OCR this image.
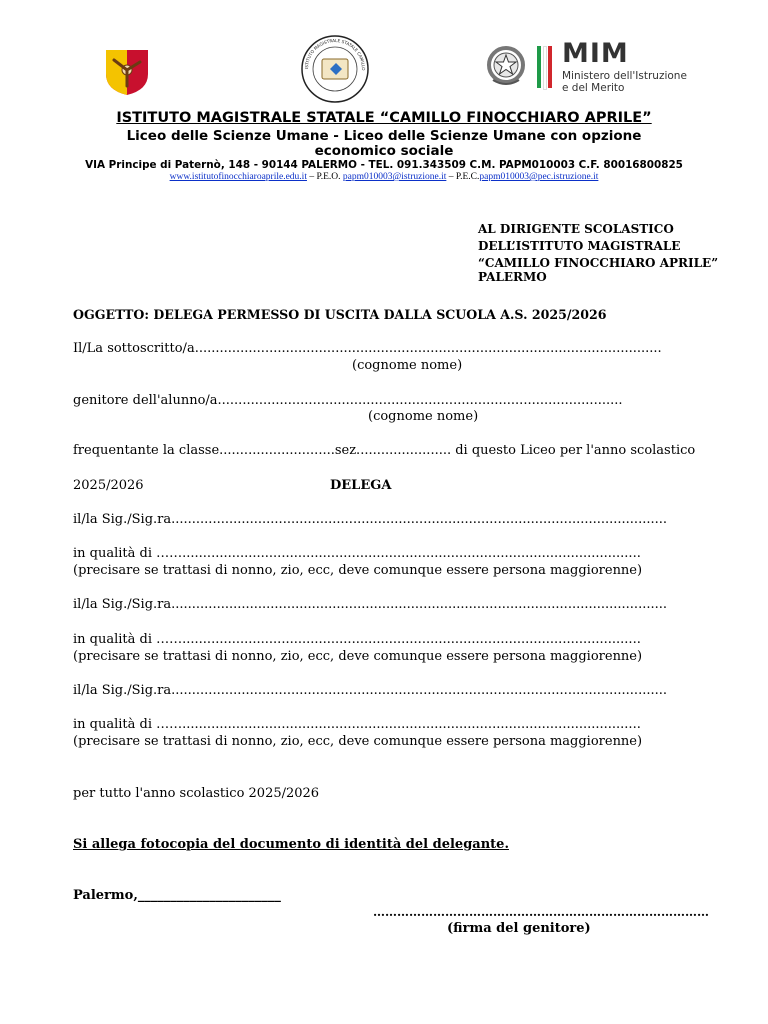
ISTITUTO MAGISTRALE STATALE CAMILLO	MIM
Ministero dell'Istruzione
e del Merito
ISTITUTO MAGISTRALE STATALE “CAMILLO FINOCCHIARO APRILE”
Liceo delle Scienze Umane - Liceo delle Scienze Umane con opzione
economico sociale
VIA Principe di Paternò, 148 - 90144 PALERMO - TEL. 091.343509 C.M. PAPM010003 C.F. 80016800825
www.istitutofinocchiaroaprile.edu.it – P.E.O. papm010003@istruzione.it – P.E.C.papm010003@pec.istruzione.it
AL DIRIGENTE SCOLASTICO
DELL’ISTITUTO MAGISTRALE
“CAMILLO FINOCCHIARO APRILE”
PALERMO
OGGETTO: DELEGA PERMESSO DI USCITA DALLA SCUOLA A.S. 2025/2026
Il/La sottoscritto/a.................................................................................................................
(cognome nome)
genitore dell'alunno/a..................................................................................................
(cognome nome)
frequentante la classe............................sez....................... di questo Liceo per l'anno scolastico
2025/2026	DELEGA
il/la Sig./Sig.ra........................................................................................................................
in qualità di ……...............................................................................................................
(precisare se trattasi di nonno, zio, ecc, deve comunque essere persona maggiorenne)
il/la Sig./Sig.ra........................................................................................................................
in qualità di ……...............................................................................................................
(precisare se trattasi di nonno, zio, ecc, deve comunque essere persona maggiorenne)
il/la Sig./Sig.ra........................................................................................................................
in qualità di ……...............................................................................................................
(precisare se trattasi di nonno, zio, ecc, deve comunque essere persona maggiorenne)
per tutto l'anno scolastico 2025/2026
Si allega fotocopia del documento di identità del delegante.
Palermo,______________________
…………………………………………………………………………
(firma del genitore)
